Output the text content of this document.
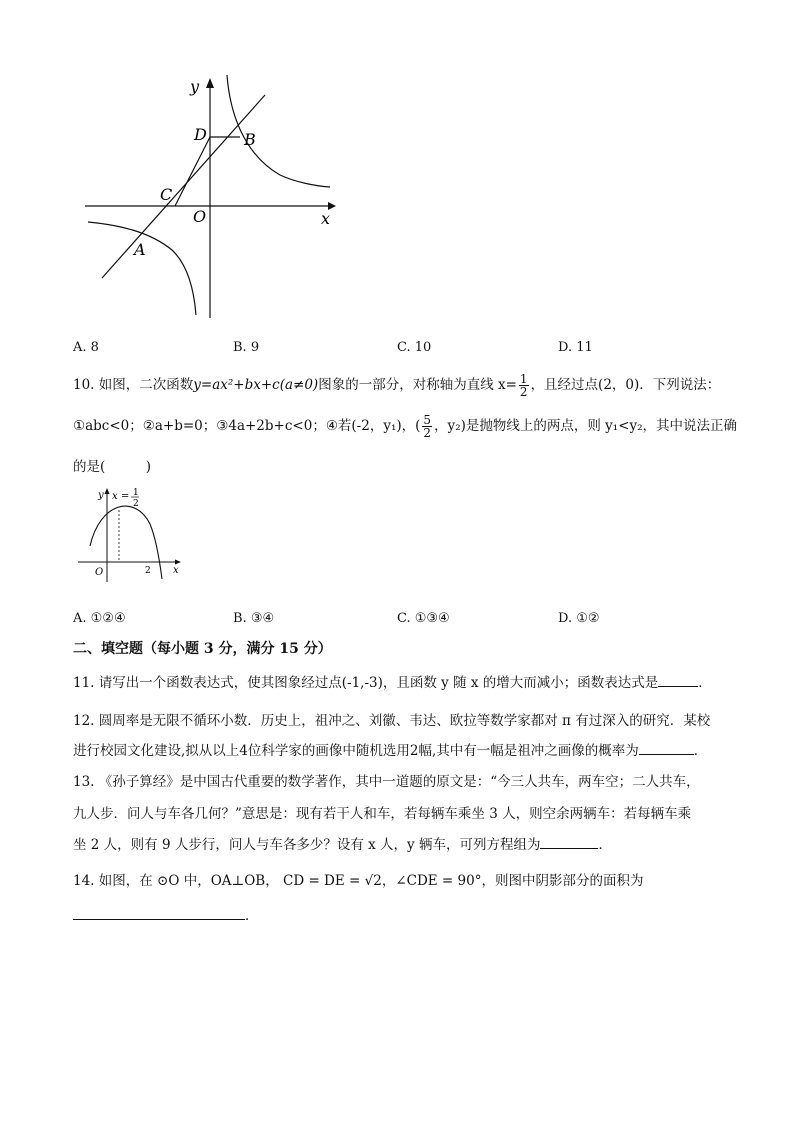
y
D B
C
O	x
A
A. 8	B. 9	C. 10	D. 11
10. 如图，二次函数y=ax²+bx+c(a≠0)图象的一部分，对称轴为直线 $x= \frac{1}{2}$ ，且经过点(2，0)．下列说法：
①abc<0；②a+b=0；③4a+2b+c<0；④若(-2，y₁)，( $\frac{5}{2}$ ，y₂)是抛物线上的两点，则 y₁<y₂，其中说法正确
的是(　　　)
y x = 1
2
O	2 x
A. ①②④	B. ③④	C. ①③④	D. ①②
二、填空题（每小题 3 分，满分 15 分）
11. 请写出一个函数表达式，使其图象经过点(-1,-3)，且函数 y 随 x 的增大而减小；函数表达式是	．
12. 圆周率是无限不循环小数．历史上，祖冲之、刘徽、韦达、欧拉等数学家都对 π 有过深入的研究．某校
进行校园文化建设,拟从以上4位科学家的画像中随机选用2幅,其中有一幅是祖冲之画像的概率为	．
13. 《孙子算经》是中国古代重要的数学著作，其中一道题的原文是：“今三人共车，两车空；二人共车，
九人步．问人与车各几何？”意思是：现有若干人和车，若每辆车乘坐 3 人，则空余两辆车：若每辆车乘
坐 2 人，则有 9 人步行，问人与车各多少？设有 x 人，y 辆车，可列方程组为	．
14. 如图，在 ⊙O 中，OA⊥OB， CD = DE = √2，∠CDE = 90°，则图中阴影部分的面积为
．
